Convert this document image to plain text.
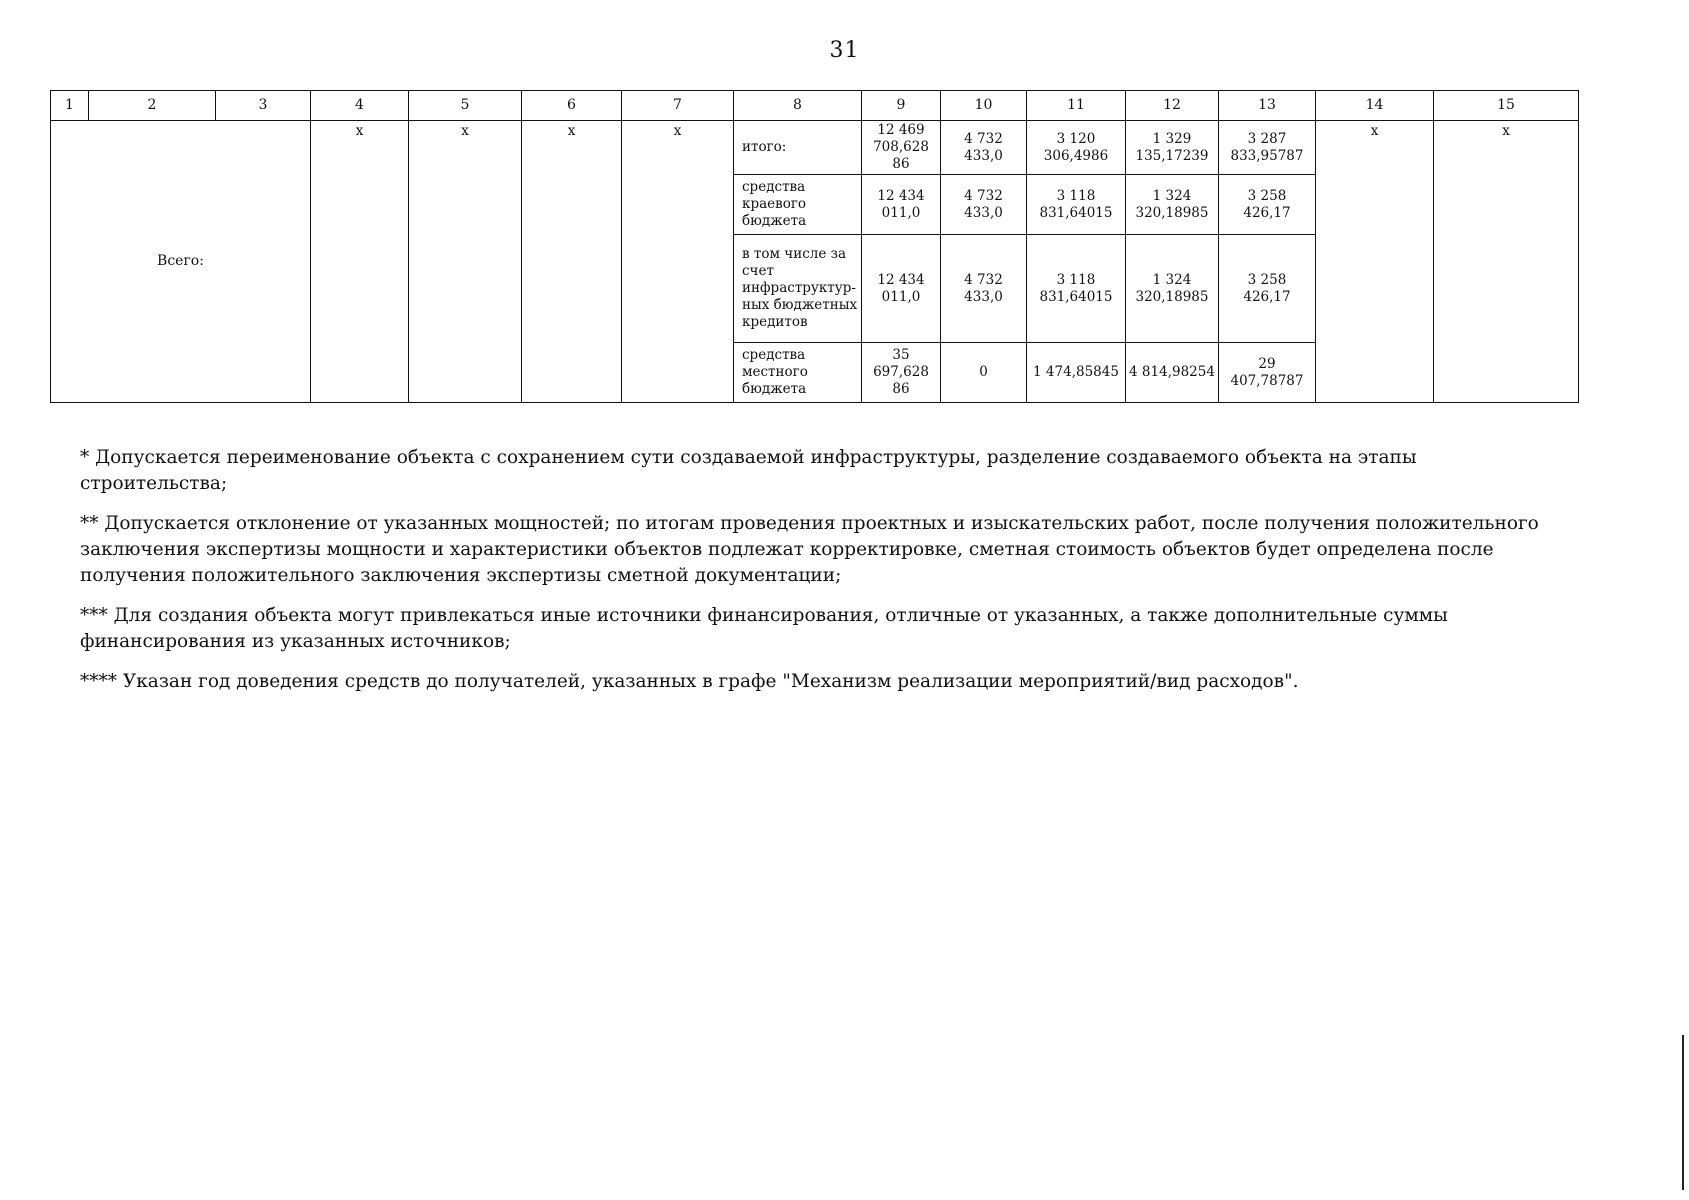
31
1	2	3	4	5	6	7	8	9	10	11	12	13	14	15
Всего:			x	x	x	x	итого:	12 469 708,628 86	4 732 433,0	3 120 306,4986	1 329 135,17239	3 287 833,95787	x	x
							средства краевого бюджета	12 434 011,0	4 732 433,0	3 118 831,64015	1 324 320,18985	3 258 426,17		
							в том числе за счет инфраструктур-ных бюджетных кредитов	12 434 011,0	4 732 433,0	3 118 831,64015	1 324 320,18985	3 258 426,17		
							средства местного бюджета	35 697,628 86	0	1 474,85845	4 814,98254	29 407,78787		

* Допускается переименование объекта с сохранением сути создаваемой инфраструктуры, разделение создаваемого объекта на этапы строительства;

** Допускается отклонение от указанных мощностей; по итогам проведения проектных и изыскательских работ, после получения положительного заключения экспертизы мощности и характеристики объектов подлежат корректировке, сметная стоимость объектов будет определена после получения положительного заключения экспертизы сметной документации;

*** Для создания объекта могут привлекаться иные источники финансирования, отличные от указанных, а также дополнительные суммы финансирования из указанных источников;

**** Указан год доведения средств до получателей, указанных в графе "Механизм реализации мероприятий/вид расходов".
